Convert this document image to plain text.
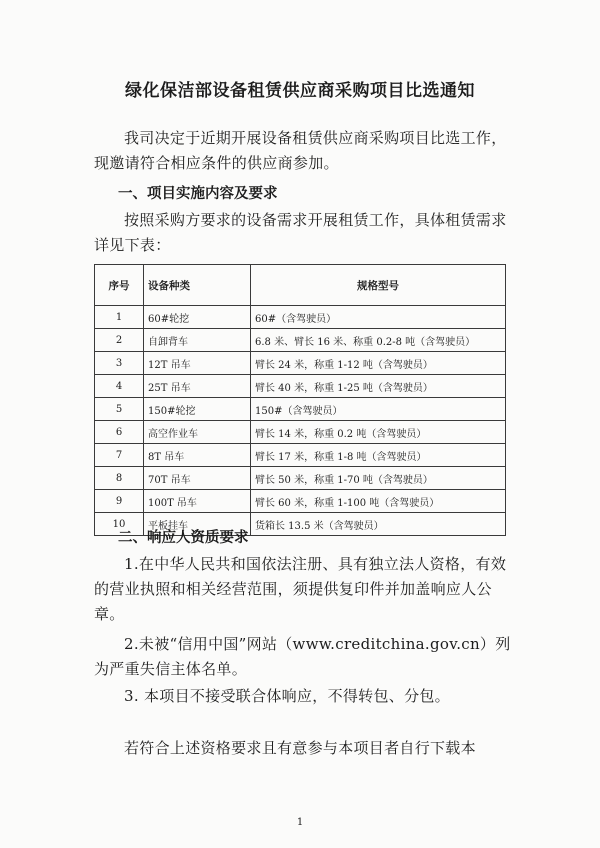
绿化保洁部设备租赁供应商采购项目比选通知
我司决定于近期开展设备租赁供应商采购项目比选工作，现邀请符合相应条件的供应商参加。
一、项目实施内容及要求
按照采购方要求的设备需求开展租赁工作，具体租赁需求详见下表：
序号	设备种类	规格型号
1	60#轮挖	60#（含驾驶员）
2	自卸背车	6.8 米、臂长 16 米、称重 0.2-8 吨（含驾驶员）
3	12T 吊车	臂长 24 米，称重 1-12 吨（含驾驶员）
4	25T 吊车	臂长 40 米，称重 1-25 吨（含驾驶员）
5	150#轮挖	150#（含驾驶员）
6	高空作业车	臂长 14 米，称重 0.2 吨（含驾驶员）
7	8T 吊车	臂长 17 米，称重 1-8 吨（含驾驶员）
8	70T 吊车	臂长 50 米，称重 1-70 吨（含驾驶员）
9	100T 吊车	臂长 60 米，称重 1-100 吨（含驾驶员）
10	平板挂车	货箱长 13.5 米（含驾驶员）
二、响应人资质要求
1.在中华人民共和国依法注册、具有独立法人资格，有效的营业执照和相关经营范围，须提供复印件并加盖响应人公章。
2.未被“信用中国”网站（www.creditchina.gov.cn）列为严重失信主体名单。
3. 本项目不接受联合体响应，不得转包、分包。
若符合上述资格要求且有意参与本项目者自行下载本
1
